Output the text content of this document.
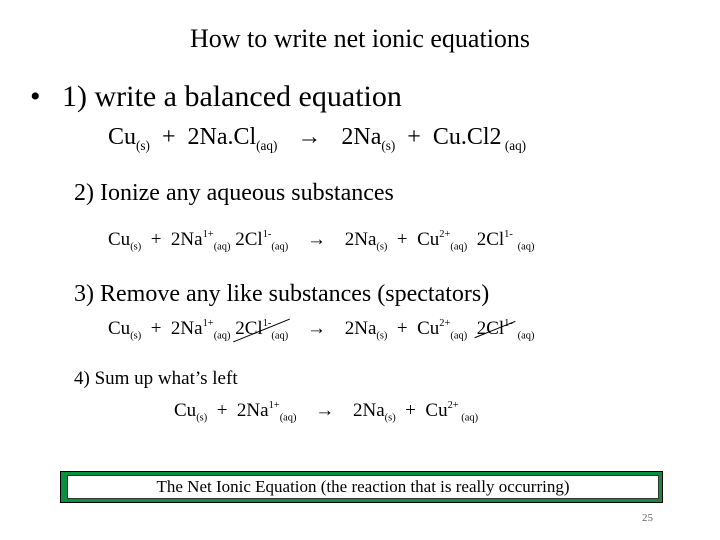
How to write net ionic equations
• 1) write a balanced equation
$Cu_{(s)} + 2Na.Cl_{(aq)} \to 2Na_{(s)} + Cu.Cl2$ $_{(aq)}$
2) Ionize any aqueous substances
$Cu_{(s)} + 2Na^{1+}_{(aq)}$ $2Cl^{1-}_{(aq)} \to 2Na_{(s)} + Cu^{2+}_{(aq)}$ $2Cl^{1-}$ $_{(aq)}$
3) Remove any like substances (spectators)
$Cu_{(s)} + 2Na^{1+}_{(aq)}$ $2Cl^{1-}_{(aq)} \to 2Na_{(s)} + Cu^{2+}_{(aq)}$ $2Cl^{1-}$
$_{(aq)}$
4) Sum up what’s left
$Cu_{(s)} + 2Na^{1+}_{(aq)} \to 2Na_{(s)} + Cu^{2+}$ $_{(aq)}$
The Net Ionic Equation (the reaction that is really occurring)
25
